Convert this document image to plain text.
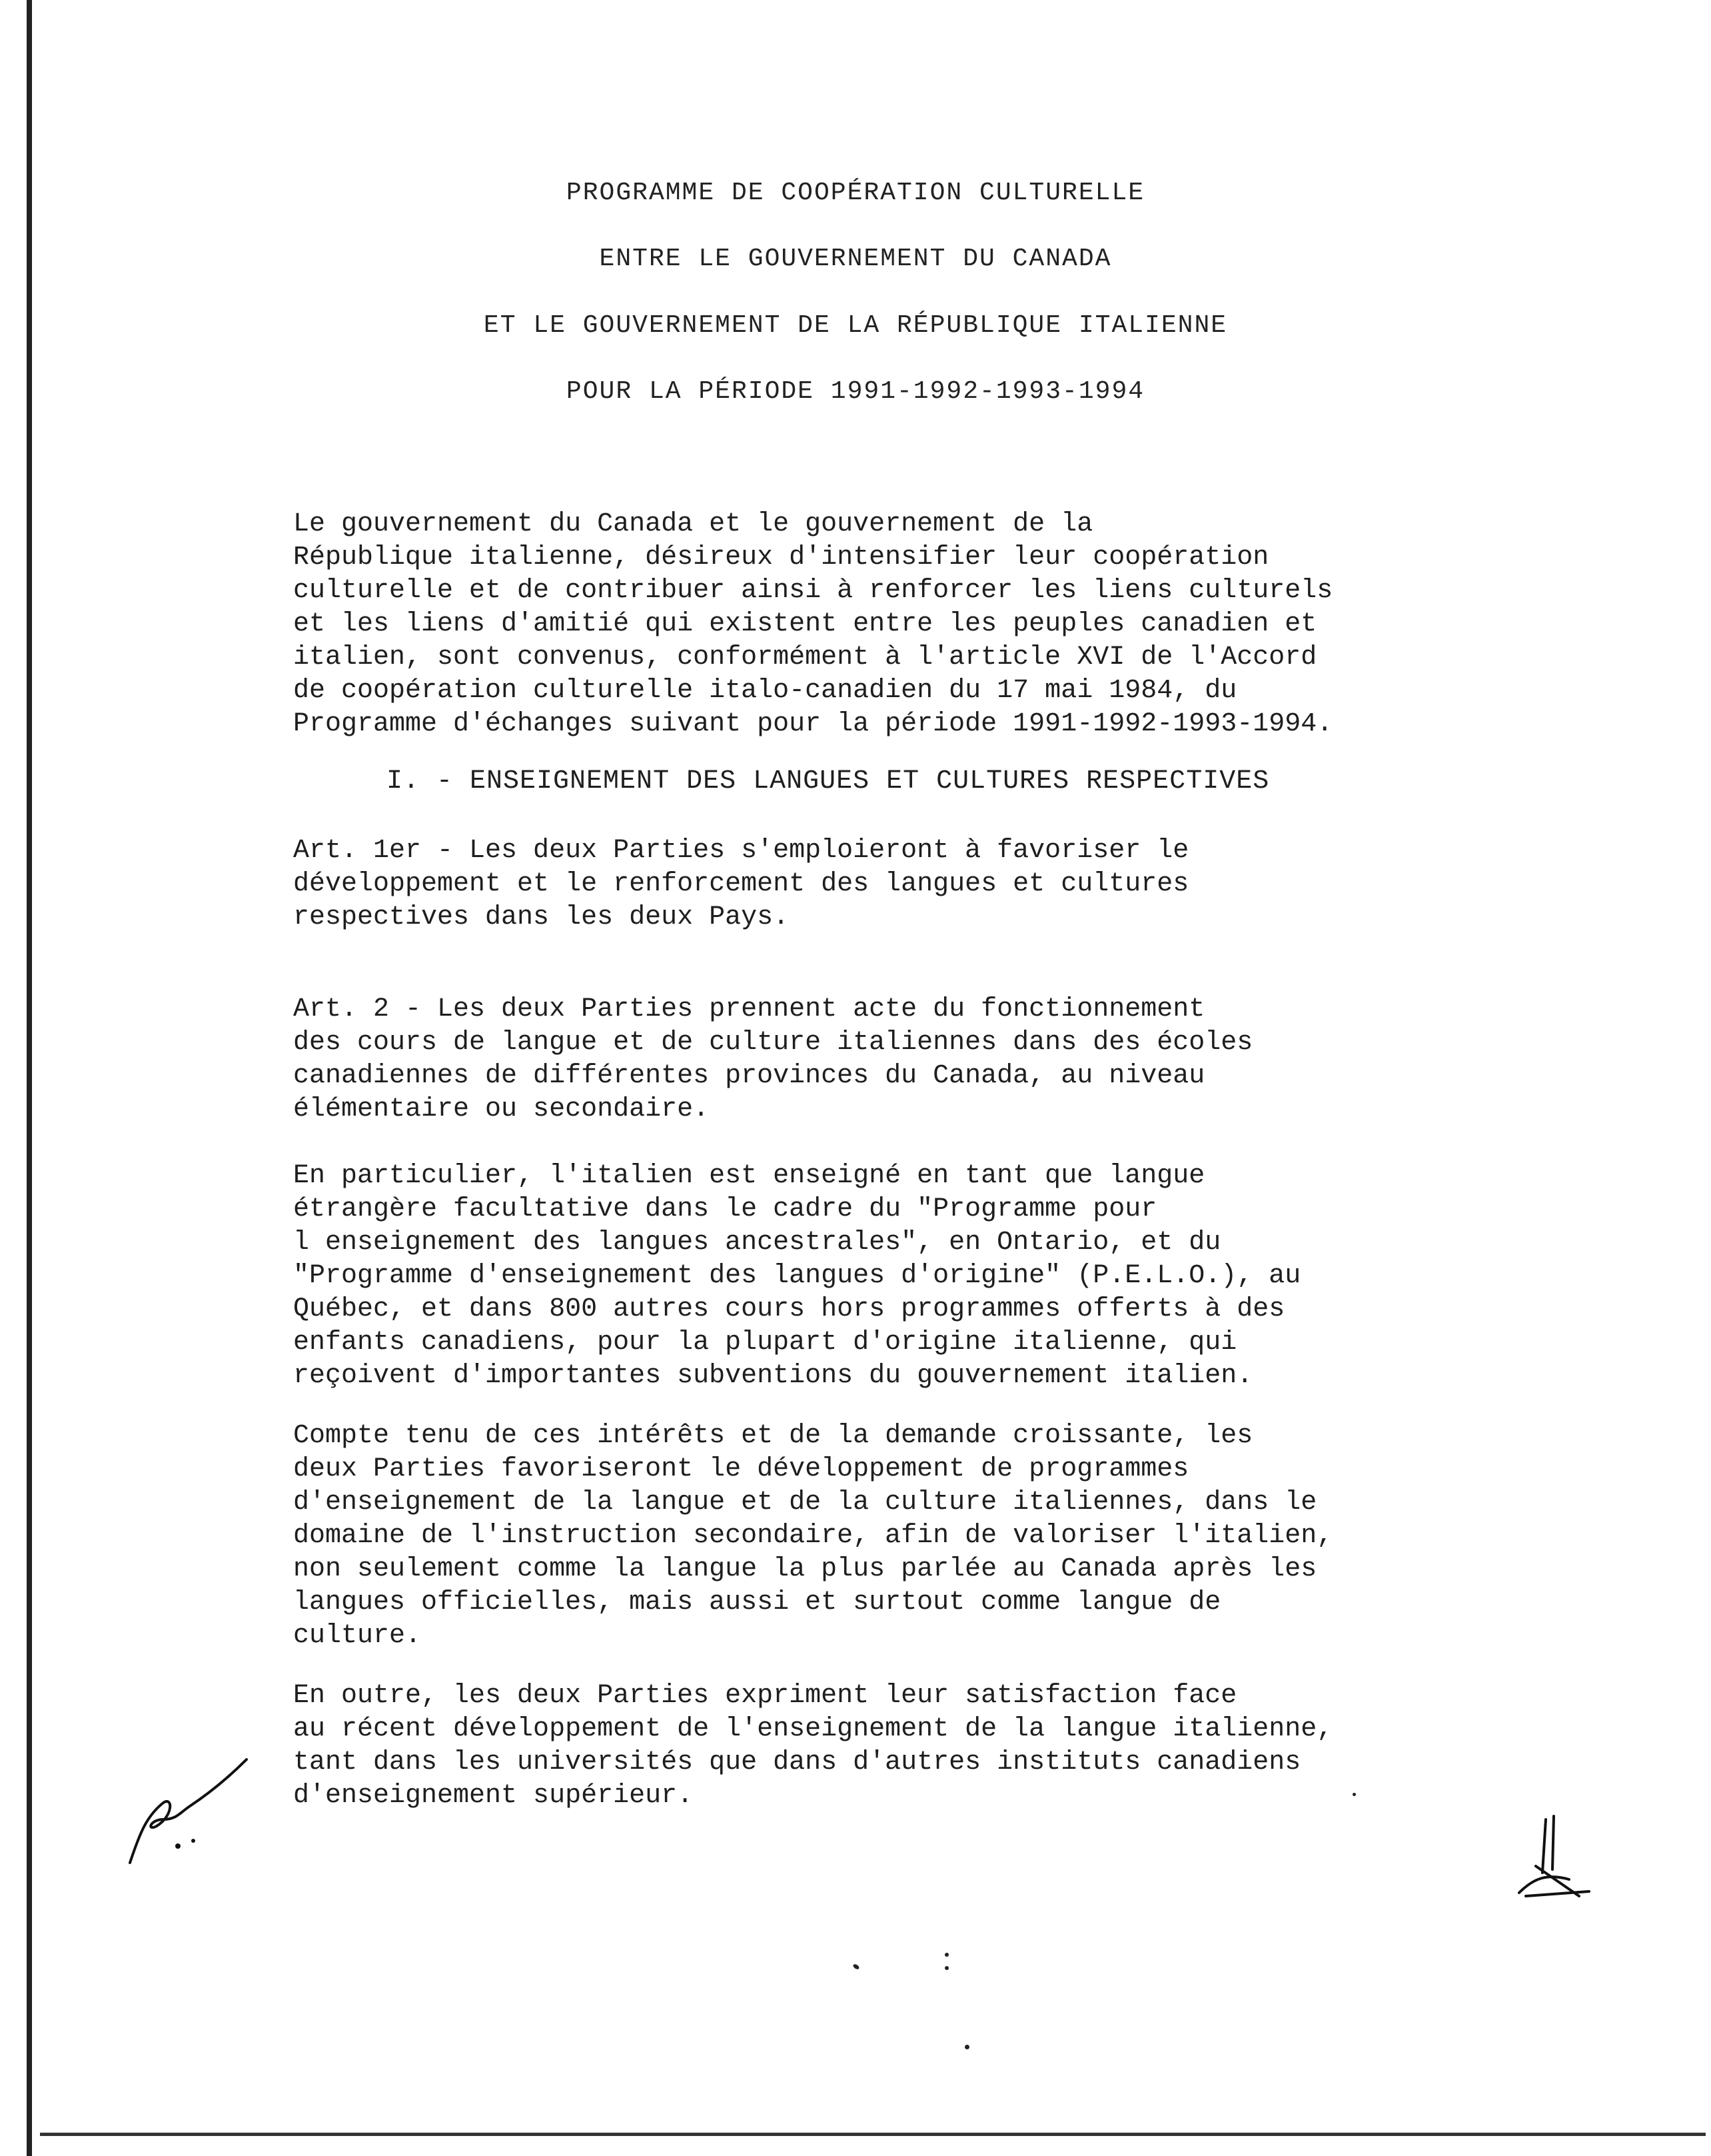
PROGRAMME DE COOPÉRATION CULTURELLE
ENTRE LE GOUVERNEMENT DU CANADA
ET LE GOUVERNEMENT DE LA RÉPUBLIQUE ITALIENNE
POUR LA PÉRIODE 1991-1992-1993-1994

Le gouvernement du Canada et le gouvernement de la
République italienne, désireux d'intensifier leur coopération
culturelle et de contribuer ainsi à renforcer les liens culturels
et les liens d'amitié qui existent entre les peuples canadien et
italien, sont convenus, conformément à l'article XVI de l'Accord
de coopération culturelle italo-canadien du 17 mai 1984, du
Programme d'échanges suivant pour la période 1991-1992-1993-1994.

I. - ENSEIGNEMENT DES LANGUES ET CULTURES RESPECTIVES

Art. 1er - Les deux Parties s'emploieront à favoriser le
développement et le renforcement des langues et cultures
respectives dans les deux Pays.

Art. 2 - Les deux Parties prennent acte du fonctionnement
des cours de langue et de culture italiennes dans des écoles
canadiennes de différentes provinces du Canada, au niveau
élémentaire ou secondaire.

En particulier, l'italien est enseigné en tant que langue
étrangère facultative dans le cadre du "Programme pour
l enseignement des langues ancestrales", en Ontario, et du
"Programme d'enseignement des langues d'origine" (P.E.L.O.), au
Québec, et dans 800 autres cours hors programmes offerts à des
enfants canadiens, pour la plupart d'origine italienne, qui
reçoivent d'importantes subventions du gouvernement italien.

Compte tenu de ces intérêts et de la demande croissante, les
deux Parties favoriseront le développement de programmes
d'enseignement de la langue et de la culture italiennes, dans le
domaine de l'instruction secondaire, afin de valoriser l'italien,
non seulement comme la langue la plus parlée au Canada après les
langues officielles, mais aussi et surtout comme langue de
culture.

En outre, les deux Parties expriment leur satisfaction face
au récent développement de l'enseignement de la langue italienne,
tant dans les universités que dans d'autres instituts canadiens
d'enseignement supérieur.
